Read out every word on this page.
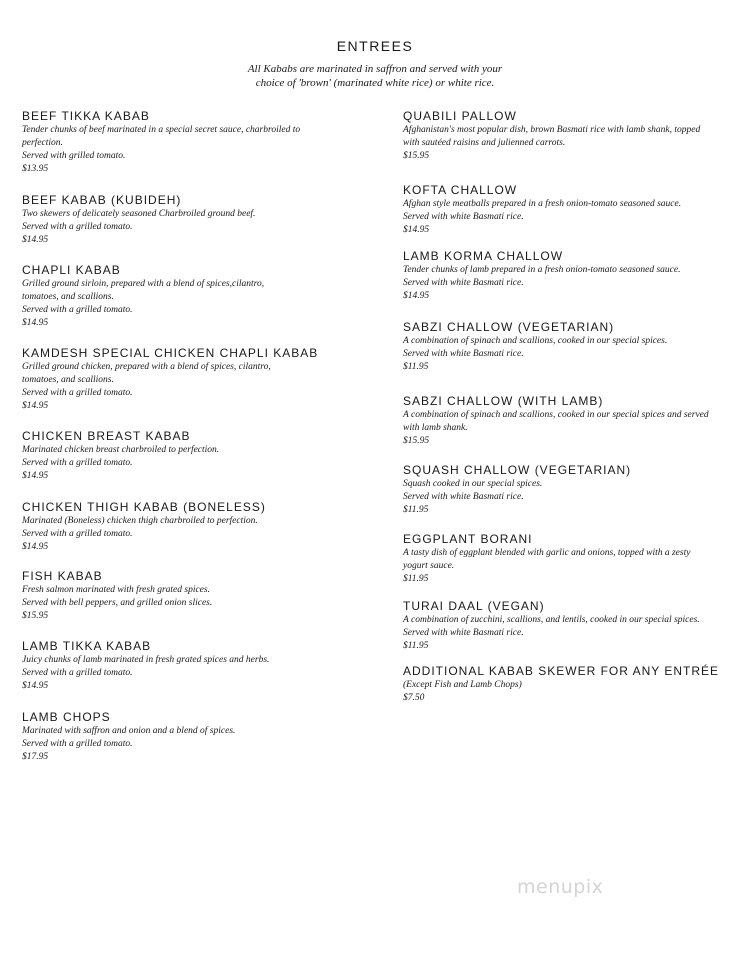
ENTREES
All Kababs are marinated in saffron and served with your
choice of 'brown' (marinated white rice) or white rice.
BEEF TIKKA KABAB
Tender chunks of beef marinated in a special secret sauce, charbroiled to
perfection.
Served with grilled tomato.
$13.95
BEEF KABAB (KUBIDEH)
Two skewers of delicately seasoned Charbroiled ground beef.
Served with a grilled tomato.
$14.95
CHAPLI KABAB
Grilled ground sirloin, prepared with a blend of spices,cilantro,
tomatoes, and scallions.
Served with a grilled tomato.
$14.95
KAMDESH SPECIAL CHICKEN CHAPLI KABAB
Grilled ground chicken, prepared with a blend of spices, cilantro,
tomatoes, and scallions.
Served with a grilled tomato.
$14.95
CHICKEN BREAST KABAB
Marinated chicken breast charbroiled to perfection.
Served with a grilled tomato.
$14.95
CHICKEN THIGH KABAB (BONELESS)
Marinated (Boneless) chicken thigh charbroiled to perfection.
Served with a grilled tomato.
$14.95
FISH KABAB
Fresh salmon marinated with fresh grated spices.
Served with bell peppers, and grilled onion slices.
$15.95
LAMB TIKKA KABAB
Juicy chunks of lamb marinated in fresh grated spices and herbs.
Served with a grilled tomato.
$14.95
LAMB CHOPS
Marinated with saffron and onion and a blend of spices.
Served with a grilled tomato.
$17.95
QUABILI PALLOW
Afghanistan's most popular dish, brown Basmati rice with lamb shank, topped
with sautéed raisins and julienned carrots.
$15.95
KOFTA CHALLOW
Afghan style meatballs prepared in a fresh onion-tomato seasoned sauce.
Served with white Basmati rice.
$14.95
LAMB KORMA CHALLOW
Tender chunks of lamb prepared in a fresh onion-tomato seasoned sauce.
Served with white Basmati rice.
$14.95
SABZI CHALLOW (VEGETARIAN)
A combination of spinach and scallions, cooked in our special spices.
Served with white Basmati rice.
$11.95
SABZI CHALLOW (WITH LAMB)
A combination of spinach and scallions, cooked in our special spices and served
with lamb shank.
$15.95
SQUASH CHALLOW (VEGETARIAN)
Squash cooked in our special spices.
Served with white Basmati rice.
$11.95
EGGPLANT BORANI
A tasty dish of eggplant blended with garlic and onions, topped with a zesty
yogurt sauce.
$11.95
TURAI DAAL (VEGAN)
A combination of zucchini, scallions, and lentils, cooked in our special spices.
Served with white Basmati rice.
$11.95
ADDITIONAL KABAB SKEWER FOR ANY ENTRÉE
(Except Fish and Lamb Chops)
$7.50
menupix
